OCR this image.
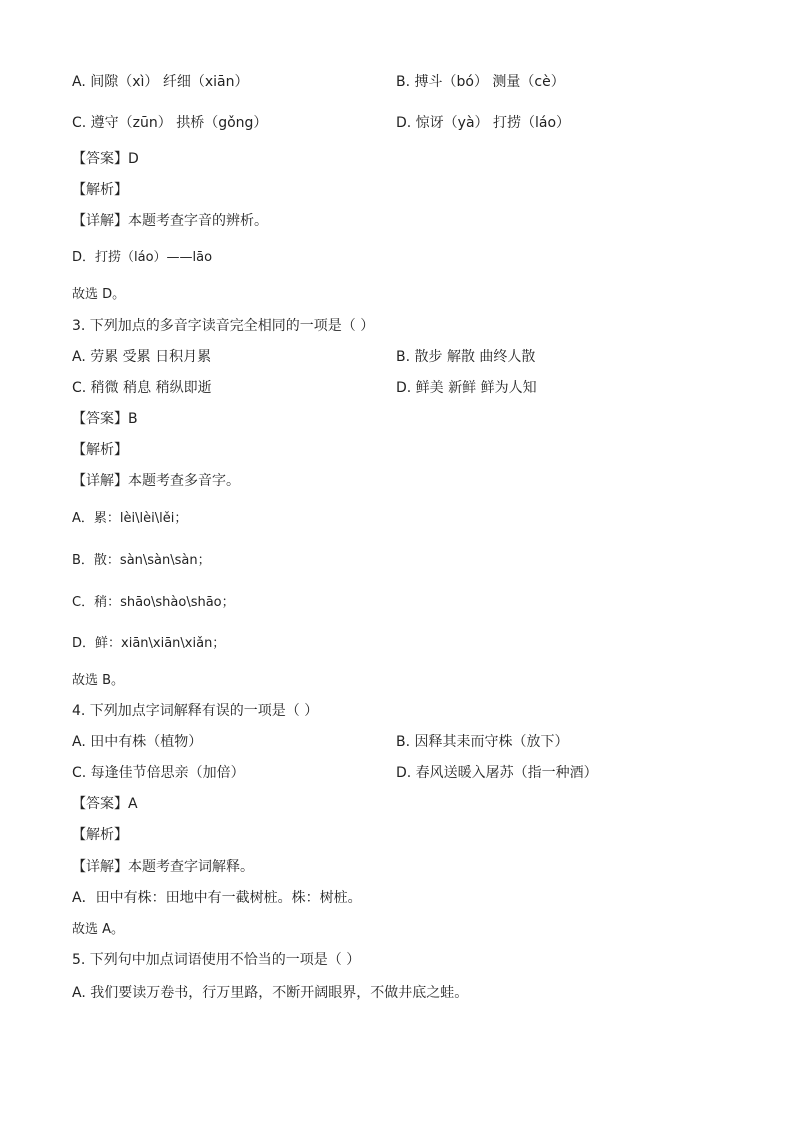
A. 间隙（xì） 纤细（xiān）	B. 搏斗（bó） 测量（cè）
C. 遵守（zūn） 拱桥（gǒng）	D. 惊讶（yà） 打捞（láo）
【答案】D
【解析】
【详解】本题考查字音的辨析。
D．打捞（láo）——lāo
故选 D。
3. 下列加点的多音字读音完全相同的一项是（ ）
A. 劳累 受累 日积月累	B. 散步 解散 曲终人散
C. 稍微 稍息 稍纵即逝	D. 鲜美 新鲜 鲜为人知
【答案】B
【解析】
【详解】本题考查多音字。
A．累：lèi\lèi\lěi；
B．散：sàn\sàn\sàn；
C．稍：shāo\shào\shāo；
D．鲜：xiān\xiān\xiǎn；
故选 B。
4. 下列加点字词解释有误的一项是（ ）
A. 田中有株（植物）	B. 因释其耒而守株（放下）
C. 每逢佳节倍思亲（加倍）	D. 春风送暖入屠苏（指一种酒）
【答案】A
【解析】
【详解】本题考查字词解释。
A．田中有株：田地中有一截树桩。株：树桩。
故选 A。
5. 下列句中加点词语使用不恰当的一项是（ ）
A. 我们要读万卷书，行万里路，不断开阔眼界，不做井底之蛙。
